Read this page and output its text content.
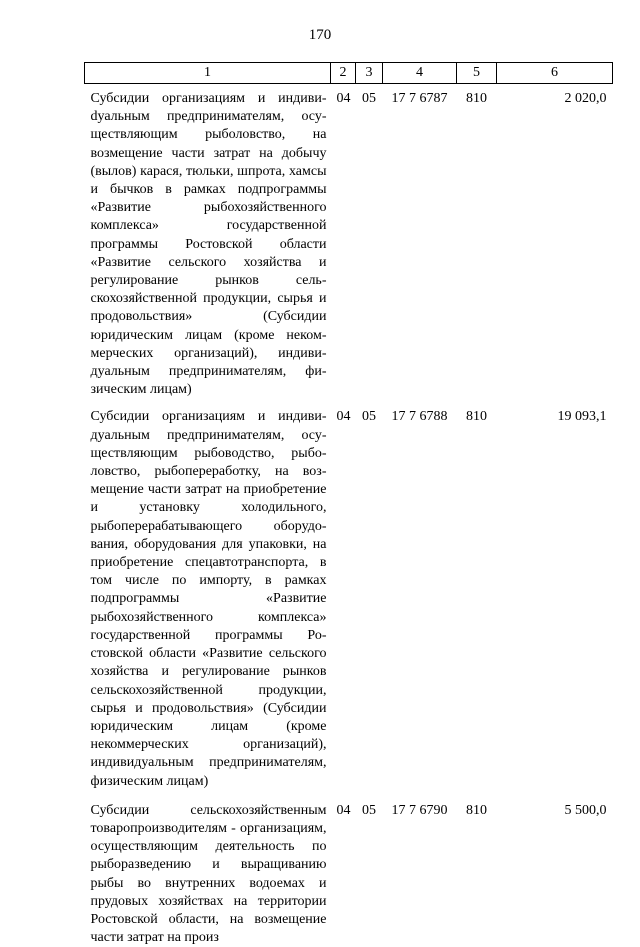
170
1	2	3	4	5	6
Субсидии организациям и индивиdуальным предпринимателям, осуществляющим рыболовство, на возмещение части затрат на добычу (вылов) карася, тюльки, шпрота, хамсы и бычков в рамках подпрограммы «Развитие рыбохозяйственного комплекса» государственной программы Ростовской области «Развитие сельского хозяйства и регулирование рынков сельскохозяйственной продукции, сырья и продовольствия» (Субсидии юридическим лицам (кроме некоммерческих организаций), индивидуальным предпринимателям, физическим лицам)	04	05	17 7 6787	810	2 020,0
Субсидии организациям и индивидуальным предпринимателям, осуществляющим рыбоводство, рыболовство, рыбопереработку, на возмещение части затрат на приобретение и установку холодильного, рыбоперерабатывающего оборудования, оборудования для упаковки, на приобретение спецавтотранспорта, в том числе по импорту, в рамках подпрограммы «Развитие рыбохозяйственного комплекса» государственной программы Ростовской области «Развитие сельского хозяйства и регулирование рынков сельскохозяйственной продукции, сырья и продовольствия» (Субсидии юридическим лицам (кроме некоммерческих организаций), индивидуальным предпринимателям, физическим лицам)	04	05	17 7 6788	810	19 093,1
Субсидии сельскохозяйственным товаропроизводителям - организациям, осуществляющим деятельность по рыборазведению и выращиванию рыбы во внутренних водоемах и прудовых хозяйствах на территории Ростовской области, на возмещение части затрат на произ	04	05	17 7 6790	810	5 500,0
